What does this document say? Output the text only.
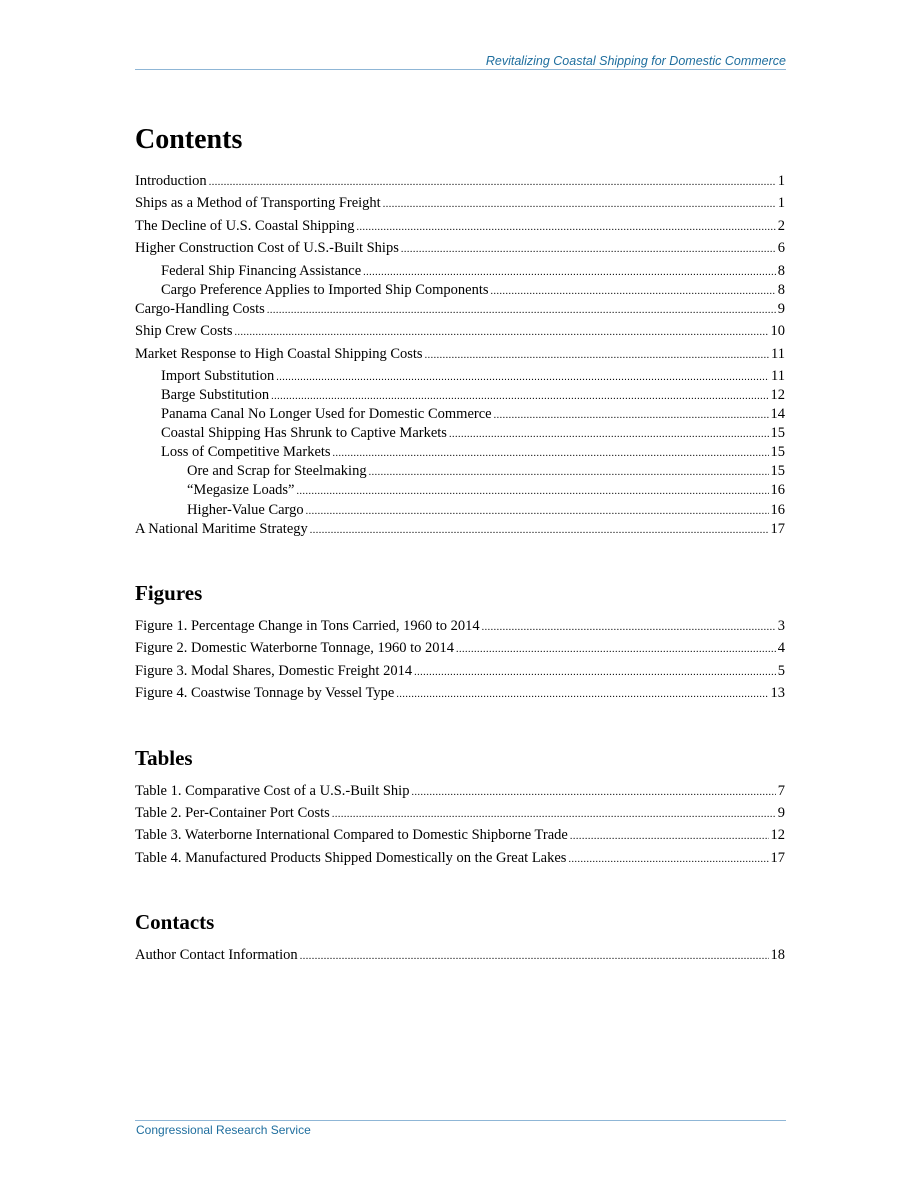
Revitalizing Coastal Shipping for Domestic Commerce
Contents
Introduction .....	1
Ships as a Method of Transporting Freight .....	1
The Decline of U.S. Coastal Shipping .....	2
Higher Construction Cost of U.S.-Built Ships .....	6
Federal Ship Financing Assistance .....	8
Cargo Preference Applies to Imported Ship Components .....	8
Cargo-Handling Costs .....	9
Ship Crew Costs .....	10
Market Response to High Coastal Shipping Costs .....	11
Import Substitution .....	11
Barge Substitution .....	12
Panama Canal No Longer Used for Domestic Commerce .....	14
Coastal Shipping Has Shrunk to Captive Markets .....	15
Loss of Competitive Markets .....	15
Ore and Scrap for Steelmaking .....	15
“Megasize Loads” .....	16
Higher-Value Cargo .....	16
A National Maritime Strategy .....	17
Figures
Figure 1. Percentage Change in Tons Carried, 1960 to 2014 .....	3
Figure 2. Domestic Waterborne Tonnage, 1960 to 2014 .....	4
Figure 3. Modal Shares, Domestic Freight 2014 .....	5
Figure 4. Coastwise Tonnage by Vessel Type .....	13
Tables
Table 1. Comparative Cost of a U.S.-Built Ship .....	7
Table 2. Per-Container Port Costs .....	9
Table 3. Waterborne International Compared to Domestic Shipborne Trade .....	12
Table 4. Manufactured Products Shipped Domestically on the Great Lakes .....	17
Contacts
Author Contact Information .....	18
Congressional Research Service
